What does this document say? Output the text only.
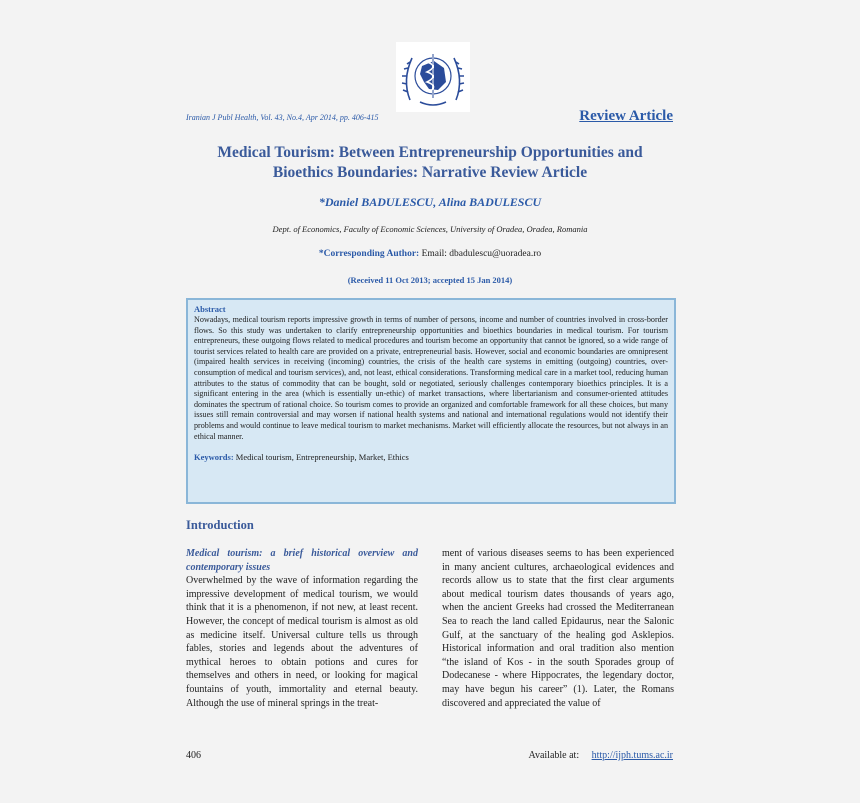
Iranian J Publ Health, Vol. 43, No.4, Apr 2014, pp. 406-415	Review Article
Medical Tourism: Between Entrepreneurship Opportunities and
Bioethics Boundaries: Narrative Review Article
*Daniel BADULESCU, Alina BADULESCU
Dept. of Economics, Faculty of Economic Sciences, University of Oradea, Oradea, Romania
*Corresponding Author: Email: dbadulescu@uoradea.ro
(Received 11 Oct 2013; accepted 15 Jan 2014)
Abstract
Nowadays, medical tourism reports impressive growth in terms of number of persons, income and number of countries involved in cross-border flows. So this study was undertaken to clarify entrepreneurship opportunities and bioethics boundaries in medical tourism. For tourism entrepreneurs, these outgoing flows related to medical procedures and tourism become an opportunity that cannot be ignored, so a wide range of tourist services related to health care are provided on a private, entrepreneurial basis. However, social and economic boundaries are omnipresent (impaired health services in receiving (incoming) countries, the crisis of the health care systems in emitting (outgoing) countries, over-consumption of medical and tourism services), and, not least, ethical considerations. Transforming medical care in a market tool, reducing human attributes to the status of commodity that can be bought, sold or negotiated, seriously challenges contemporary bioethics principles. It is a significant entering in the area (which is essentially un-ethic) of market transactions, where libertarianism and consumer-oriented attitudes dominates the spectrum of rational choice. So tourism comes to provide an organized and comfortable framework for all these choices, but many issues still remain controversial and may worsen if national health systems and national and international regulations would not identify their problems and would continue to leave medical tourism to market mechanisms. Market will efficiently allocate the resources, but not always in an ethical manner.
Keywords: Medical tourism, Entrepreneurship, Market, Ethics
Introduction
Medical tourism: a brief historical overview and contemporary issues
Overwhelmed by the wave of information regarding the impressive development of medical tourism, we would think that it is a phenomenon, if not new, at least recent. However, the concept of medical tourism is almost as old as medicine itself. Universal culture tells us through fables, stories and legends about the adventures of mythical heroes to obtain potions and cures for themselves and others in need, or looking for magical fountains of youth, immortality and eternal beauty. Although the use of mineral springs in the treat-
ment of various diseases seems to has been experienced in many ancient cultures, archaeological evidences and records allow us to state that the first clear arguments about medical tourism dates thousands of years ago, when the ancient Greeks had crossed the Mediterranean Sea to reach the land called Epidaurus, near the Salonic Gulf, at the sanctuary of the healing god Asklepios. Historical information and oral tradition also mention “the island of Kos - in the south Sporades group of Dodecanese - where Hippocrates, the legendary doctor, may have begun his career” (1). Later, the Romans discovered and appreciated the value of
406	Available at: http://ijph.tums.ac.ir
